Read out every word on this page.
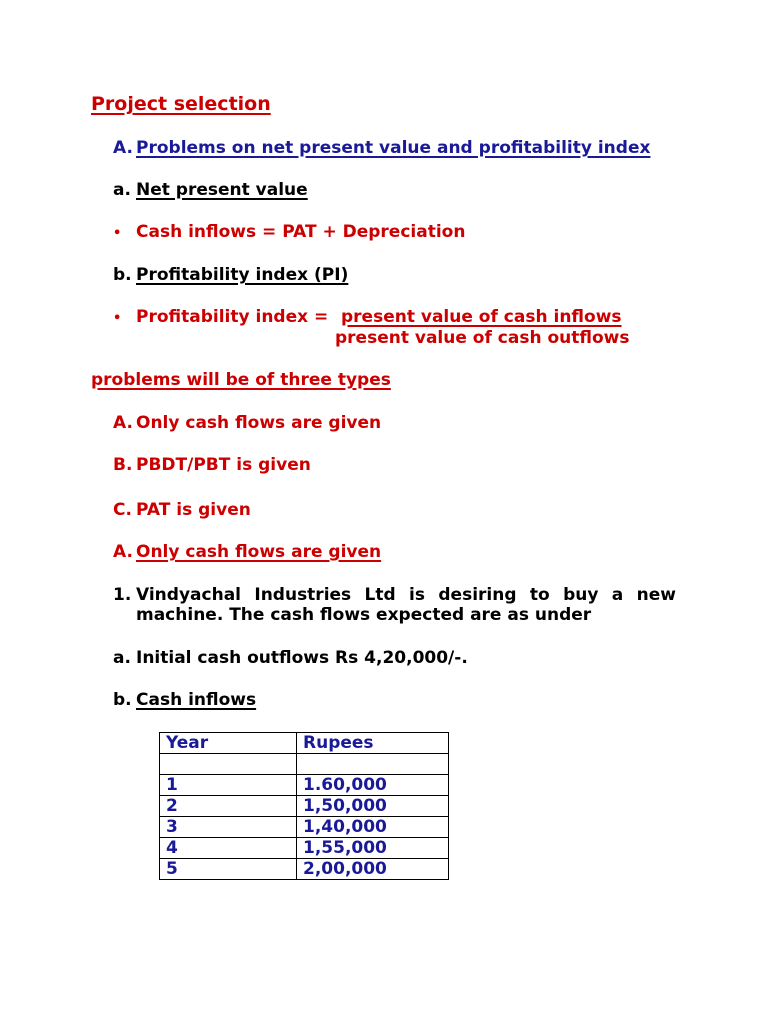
Project selection
A. Problems on net present value and profitability index
a. Net present value
• Cash inflows = PAT + Depreciation
b. Profitability index (PI)
• Profitability index = present value of cash inflows
present value of cash outflows
problems will be of three types
A. Only cash flows are given
B. PBDT/PBT is given
C. PAT is given
A. Only cash flows are given
1. Vindyachal Industries Ltd is desiring to buy a new
machine. The cash flows expected are as under
a. Initial cash outflows Rs 4,20,000/-.
b. Cash inflows
Year	Rupees

1	1.60,000
2	1,50,000
3	1,40,000
4	1,55,000
5	2,00,000
